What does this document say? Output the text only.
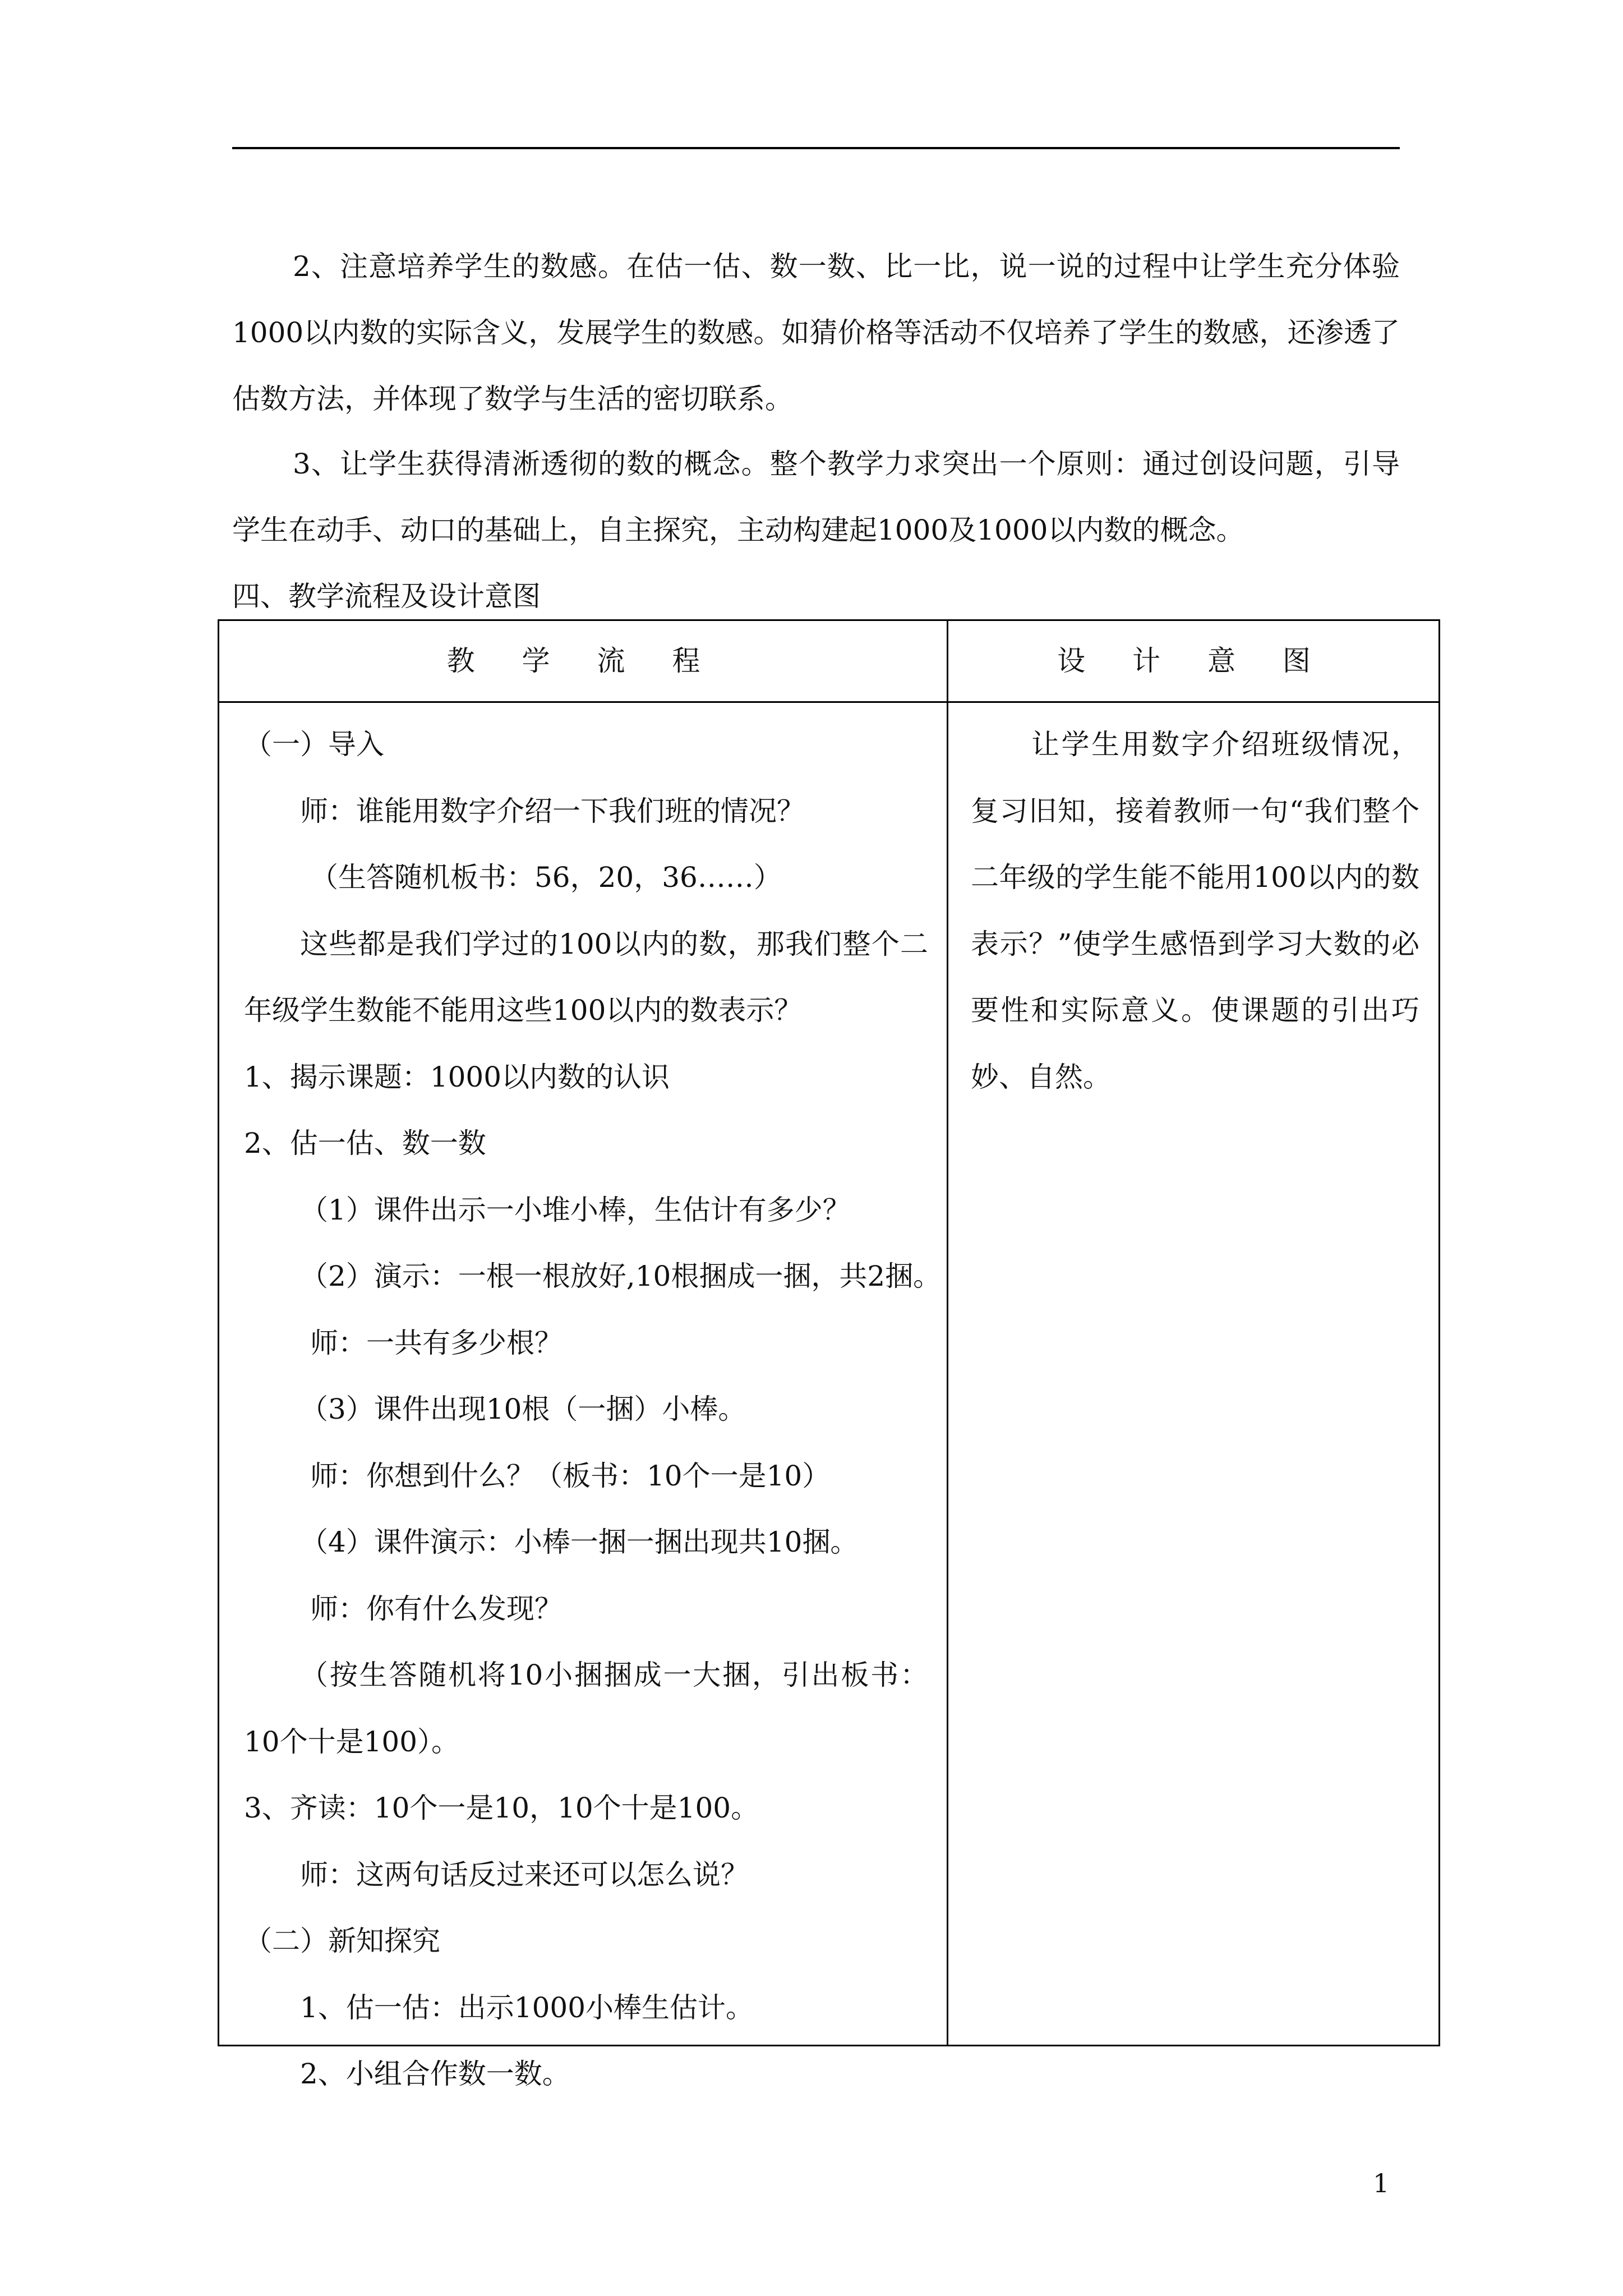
2、注意培养学生的数感。在估一估、数一数、比一比，说一说的过程中让学生充分体验1000以内数的实际含义，发展学生的数感。如猜价格等活动不仅培养了学生的数感，还渗透了估数方法，并体现了数学与生活的密切联系。

3、让学生获得清淅透彻的数的概念。整个教学力求突出一个原则：通过创设问题，引导学生在动手、动口的基础上，自主探究，主动构建起1000及1000以内数的概念。

四、教学流程及设计意图

教 学 流 程	设 计 意 图

（一）导入

师：谁能用数字介绍一下我们班的情况？

（生答随机板书：56，20，36……）

这些都是我们学过的100以内的数，那我们整个二年级学生数能不能用这些100以内的数表示？

1、揭示课题：1000以内数的认识

2、估一估、数一数

（1）课件出示一小堆小棒，生估计有多少？

（2）演示：一根一根放好,10根捆成一捆，共2捆。

师：一共有多少根？

（3）课件出现10根（一捆）小棒。

师：你想到什么？（板书：10个一是10）

（4）课件演示：小棒一捆一捆出现共10捆。

师：你有什么发现？

（按生答随机将10小捆捆成一大捆，引出板书：10个十是100）。

3、齐读：10个一是10，10个十是100。

师：这两句话反过来还可以怎么说？

（二）新知探究

1、估一估：出示1000小棒生估计。

2、小组合作数一数。

让学生用数字介绍班级情况，复习旧知，接着教师一句“我们整个二年级的学生能不能用100以内的数表示？”使学生感悟到学习大数的必要性和实际意义。使课题的引出巧妙、自然。

1
